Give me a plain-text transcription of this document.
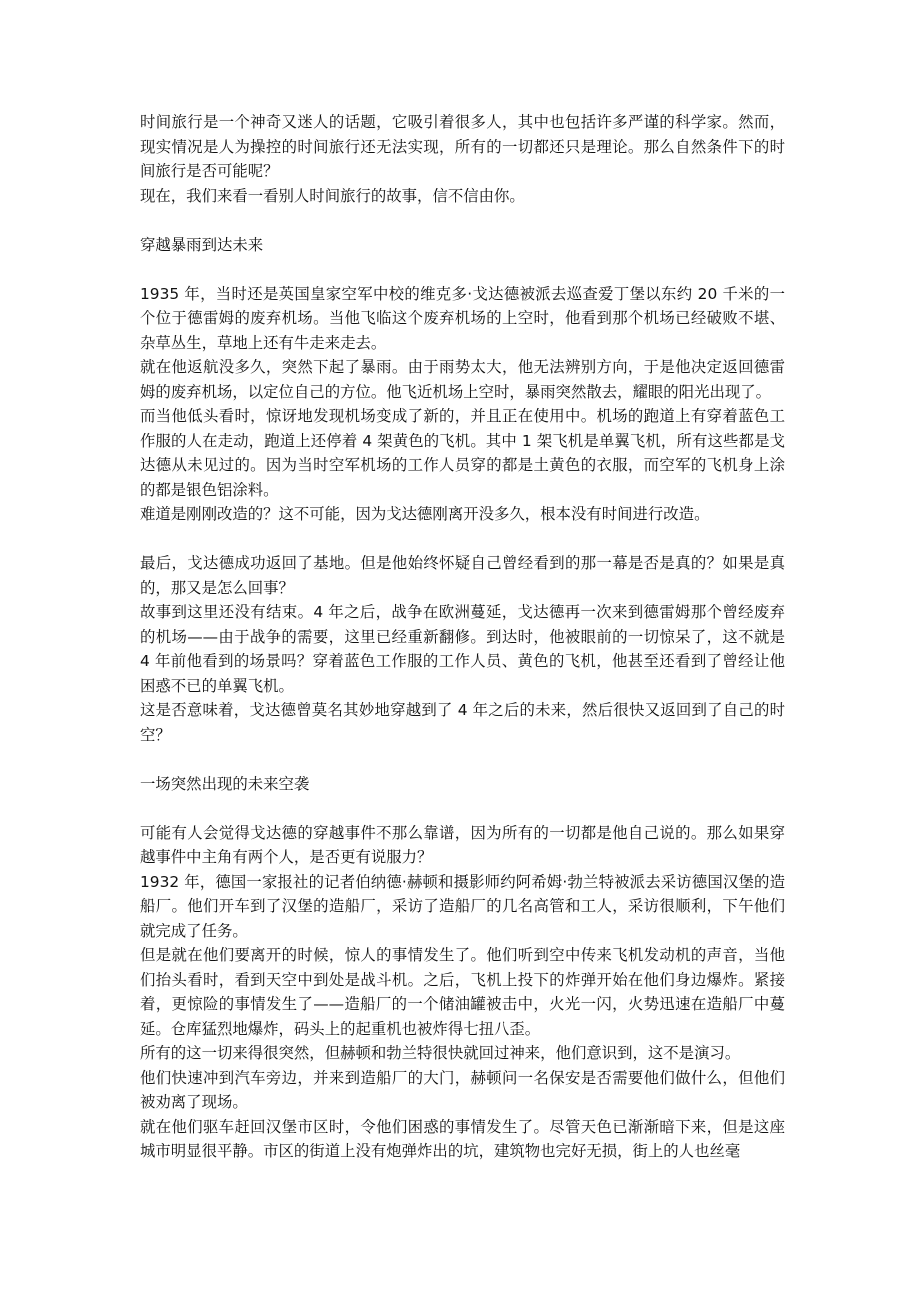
时间旅行是一个神奇又迷人的话题，它吸引着很多人，其中也包括许多严谨的科学家。然而，现实情况是人为操控的时间旅行还无法实现，所有的一切都还只是理论。那么自然条件下的时间旅行是否可能呢？

现在，我们来看一看别人时间旅行的故事，信不信由你。

穿越暴雨到达未来

1935 年，当时还是英国皇家空军中校的维克多·戈达德被派去巡查爱丁堡以东约 20 千米的一个位于德雷姆的废弃机场。当他飞临这个废弃机场的上空时，他看到那个机场已经破败不堪、杂草丛生，草地上还有牛走来走去。

就在他返航没多久，突然下起了暴雨。由于雨势太大，他无法辨别方向，于是他决定返回德雷姆的废弃机场，以定位自己的方位。他飞近机场上空时，暴雨突然散去，耀眼的阳光出现了。

而当他低头看时，惊讶地发现机场变成了新的，并且正在使用中。机场的跑道上有穿着蓝色工作服的人在走动，跑道上还停着 4 架黄色的飞机。其中 1 架飞机是单翼飞机，所有这些都是戈达德从未见过的。因为当时空军机场的工作人员穿的都是土黄色的衣服，而空军的飞机身上涂的都是银色铝涂料。

难道是刚刚改造的？这不可能，因为戈达德刚离开没多久，根本没有时间进行改造。

最后，戈达德成功返回了基地。但是他始终怀疑自己曾经看到的那一幕是否是真的？如果是真的，那又是怎么回事？

故事到这里还没有结束。4 年之后，战争在欧洲蔓延，戈达德再一次来到德雷姆那个曾经废弃的机场——由于战争的需要，这里已经重新翻修。到达时，他被眼前的一切惊呆了，这不就是 4 年前他看到的场景吗？穿着蓝色工作服的工作人员、黄色的飞机，他甚至还看到了曾经让他困惑不已的单翼飞机。

这是否意味着，戈达德曾莫名其妙地穿越到了 4 年之后的未来，然后很快又返回到了自己的时空？

一场突然出现的未来空袭

可能有人会觉得戈达德的穿越事件不那么靠谱，因为所有的一切都是他自己说的。那么如果穿越事件中主角有两个人，是否更有说服力？

1932 年，德国一家报社的记者伯纳德·赫顿和摄影师约阿希姆·勃兰特被派去采访德国汉堡的造船厂。他们开车到了汉堡的造船厂，采访了造船厂的几名高管和工人，采访很顺利，下午他们就完成了任务。

但是就在他们要离开的时候，惊人的事情发生了。他们听到空中传来飞机发动机的声音，当他们抬头看时，看到天空中到处是战斗机。之后，飞机上投下的炸弹开始在他们身边爆炸。紧接着，更惊险的事情发生了——造船厂的一个储油罐被击中，火光一闪，火势迅速在造船厂中蔓延。仓库猛烈地爆炸，码头上的起重机也被炸得七扭八歪。

所有的这一切来得很突然，但赫顿和勃兰特很快就回过神来，他们意识到，这不是演习。

他们快速冲到汽车旁边，并来到造船厂的大门，赫顿问一名保安是否需要他们做什么，但他们被劝离了现场。

就在他们驱车赶回汉堡市区时，令他们困惑的事情发生了。尽管天色已渐渐暗下来，但是这座城市明显很平静。市区的街道上没有炮弹炸出的坑，建筑物也完好无损，街上的人也丝毫
